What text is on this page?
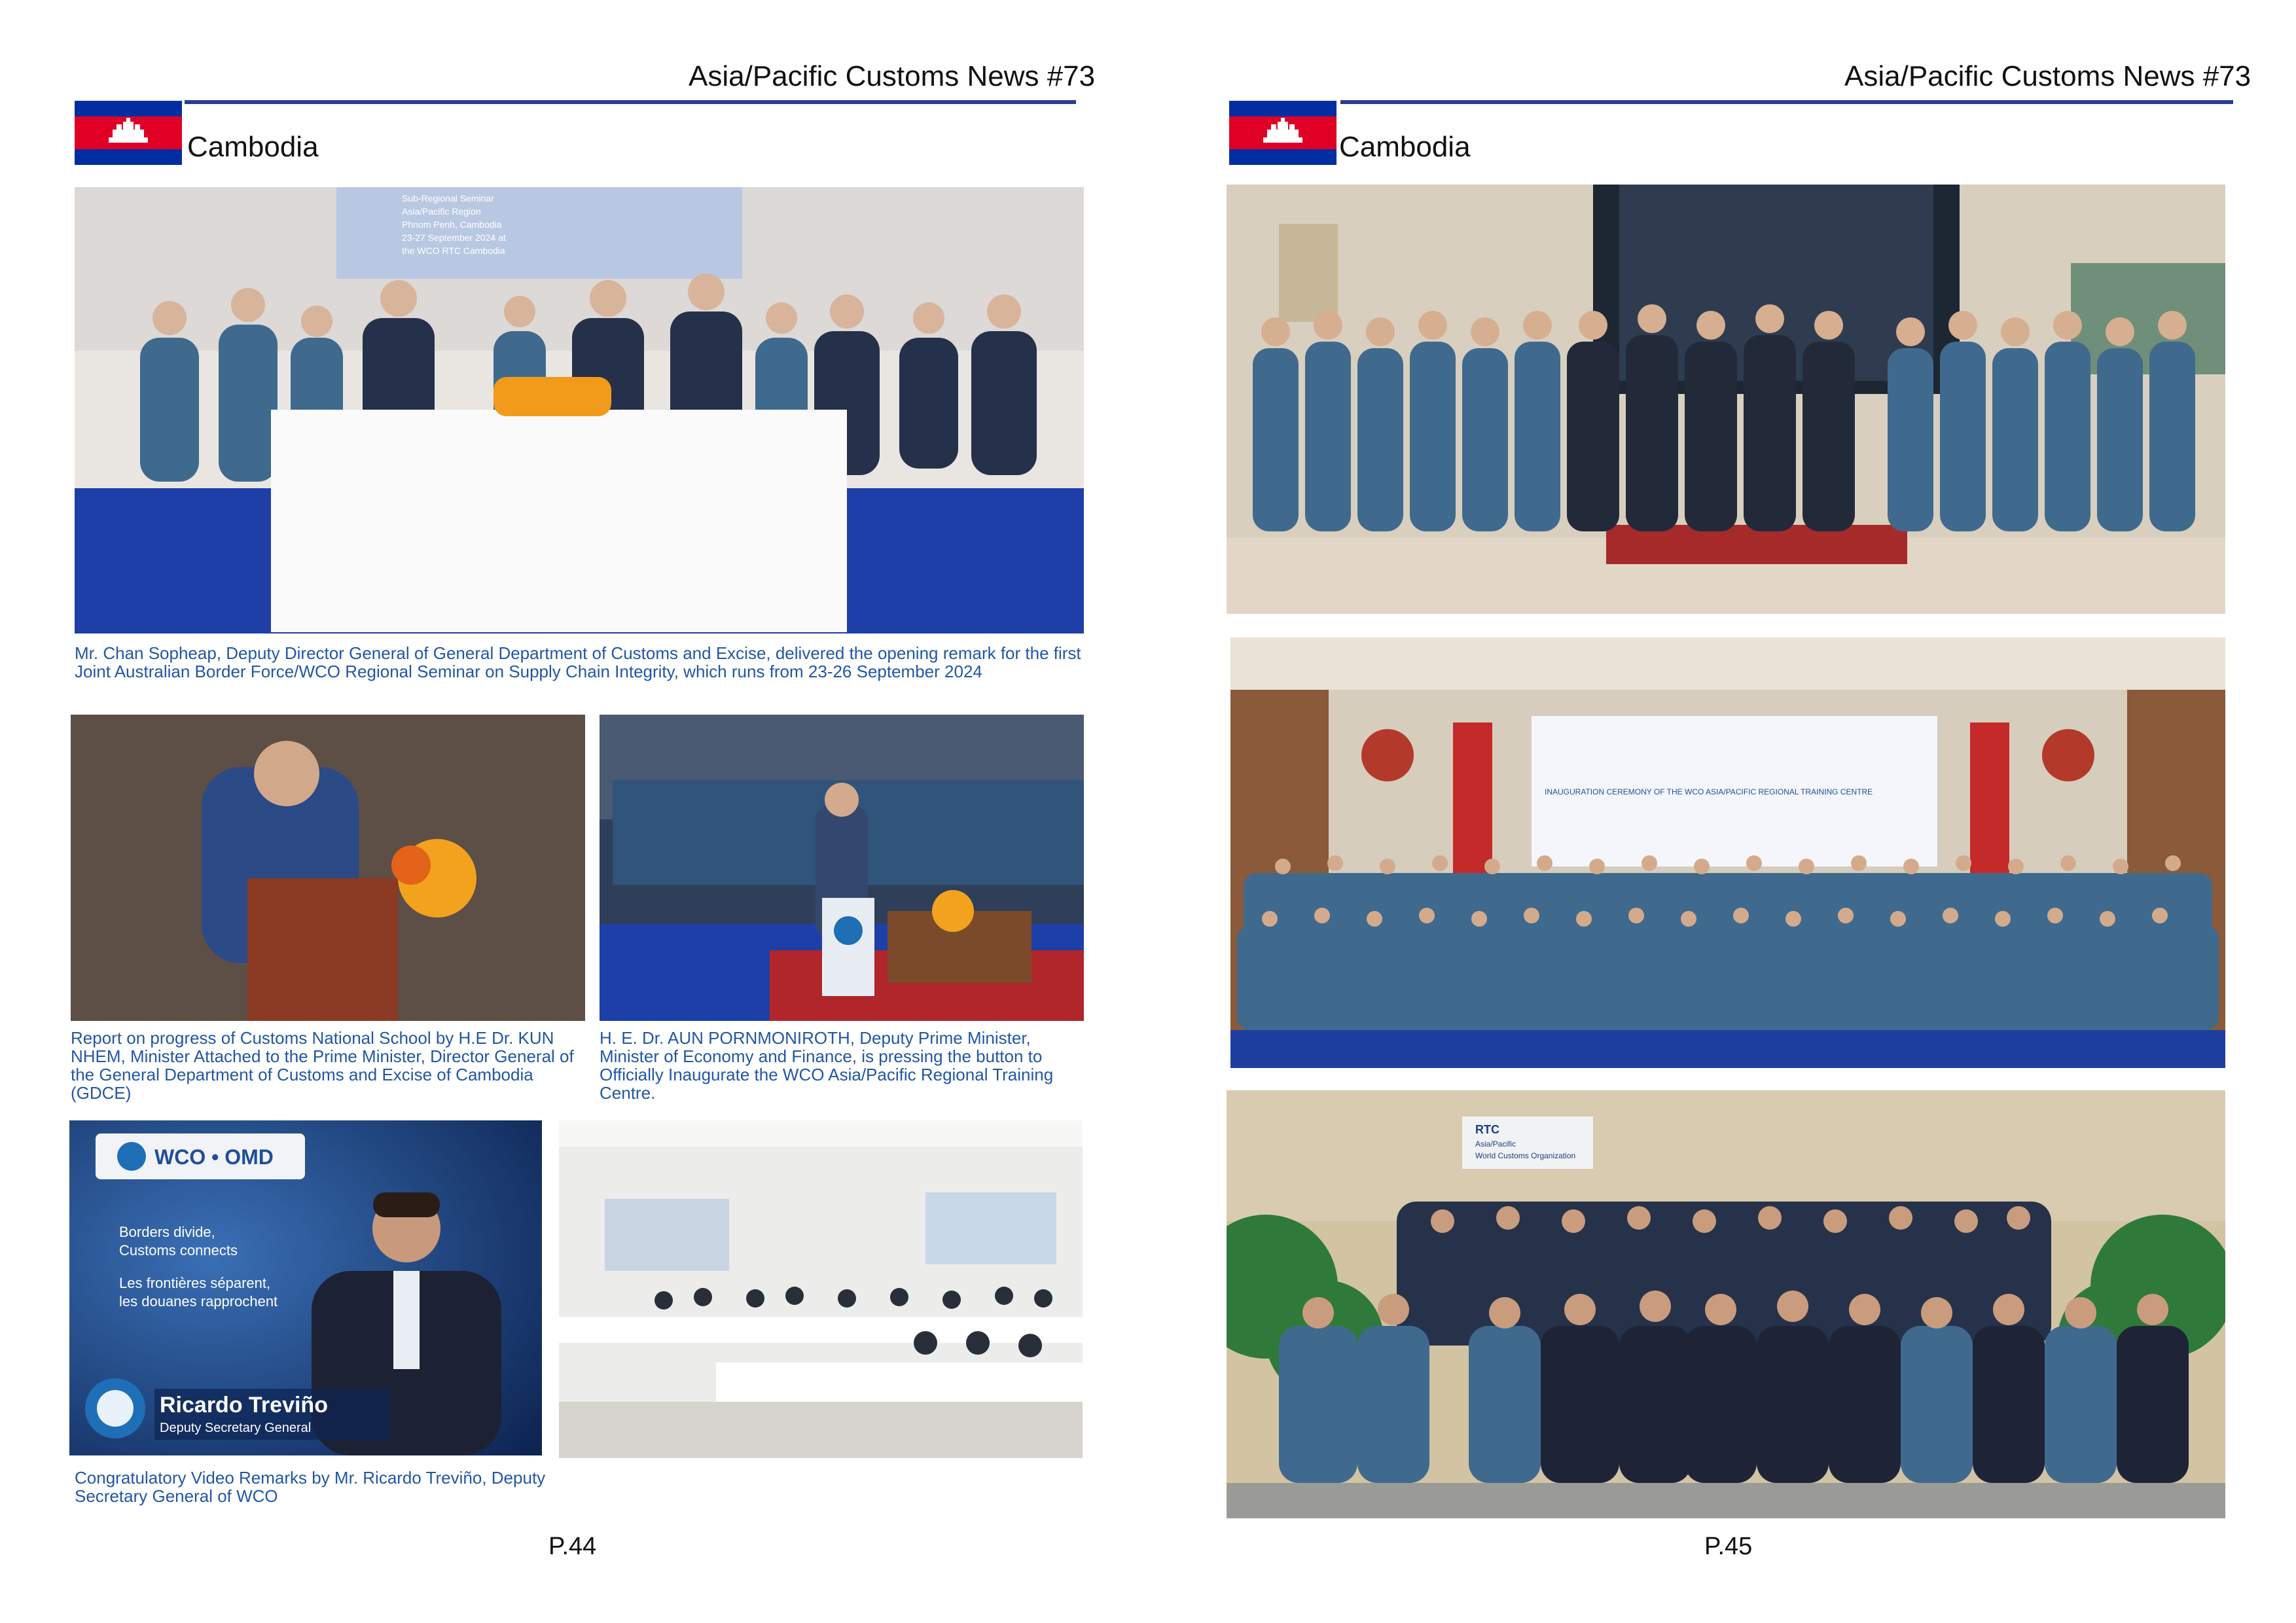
Asia/Pacific Customs News #73
Cambodia
Sub-Regional Seminar
Asia/Pacific Region
Phnom Penh, Cambodia
23-27 September 2024 at
the WCO RTC Cambodia
Mr. Chan Sopheap, Deputy Director General of General Department of Customs and Excise, delivered the opening remark for the first Joint Australian Border Force/WCO Regional Seminar on Supply Chain Integrity, which runs from 23-26 September 2024
Report on progress of Customs National School by H.E Dr. KUN NHEM, Minister Attached to the Prime Minister, Director General of the General Department of Customs and Excise of Cambodia (GDCE)
H. E. Dr. AUN PORNMONIROTH, Deputy Prime Minister, Minister of Economy and Finance, is pressing the button to Officially Inaugurate the WCO Asia/Pacific Regional Training Centre.
WCO • OMD
Borders divide,
Customs connects
Les frontières séparent,
les douanes rapprochent
Ricardo Treviño
Deputy Secretary General
Congratulatory Video Remarks by Mr. Ricardo Treviño, Deputy Secretary General of WCO
P.44
Asia/Pacific Customs News #73
Cambodia
INAUGURATION CEREMONY OF THE WCO ASIA/PACIFIC REGIONAL TRAINING CENTRE
RTC
Asia/Pacific
World Customs Organization
P.45
